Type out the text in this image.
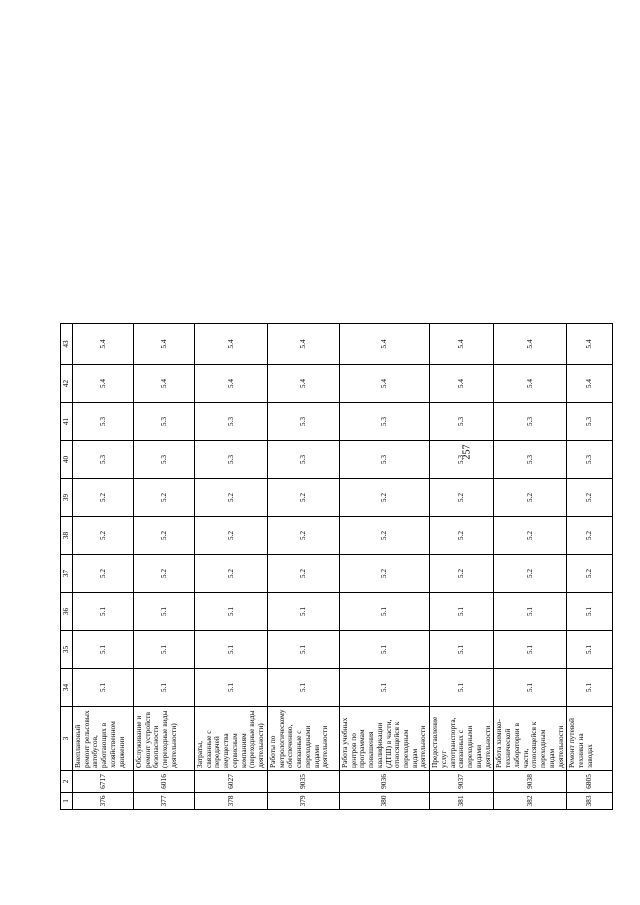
257
1	2	3	34	35	36	37	38	39	40	41	42	43
376	6717	Внеплановый ремонт рельсовых автобусов, работающих в хозяйственном движении	5.1	5.1	5.1	5.2	5.2	5.2	5.3	5.3	5.4	5.4
377	6016	Обслуживание и ремонт устройств безопасности (переходные виды деятельности)	5.1	5.1	5.1	5.2	5.2	5.2	5.3	5.3	5.4	5.4
378	6027	Затраты, связанные с передачей имущества сервисным компаниям (переходные виды деятельности)	5.1	5.1	5.1	5.2	5.2	5.2	5.3	5.3	5.4	5.4
379	9035	Работы по метрологическому обеспечению, связанные с переходными видами деятельности	5.1	5.1	5.1	5.2	5.2	5.2	5.3	5.3	5.4	5.4
380	9036	Работа учебных центров по программам повышения квалификации (ДТШ) в части, относящейся к переходным видам деятельности	5.1	5.1	5.1	5.2	5.2	5.2	5.3	5.3	5.4	5.4
381	9037	Предоставление услуг автотранспорта, связанных с переходными видами деятельности	5.1	5.1	5.1	5.2	5.2	5.2	5.3	5.3	5.4	5.4
382	9038	Работа химико-технической лаборатории в части, относящейся к переходным видам деятельности	5.1	5.1	5.1	5.2	5.2	5.2	5.3	5.3	5.4	5.4
383	6805	Ремонт путевой техники на заводах	5.1	5.1	5.1	5.2	5.2	5.2	5.3	5.3	5.4	5.4
